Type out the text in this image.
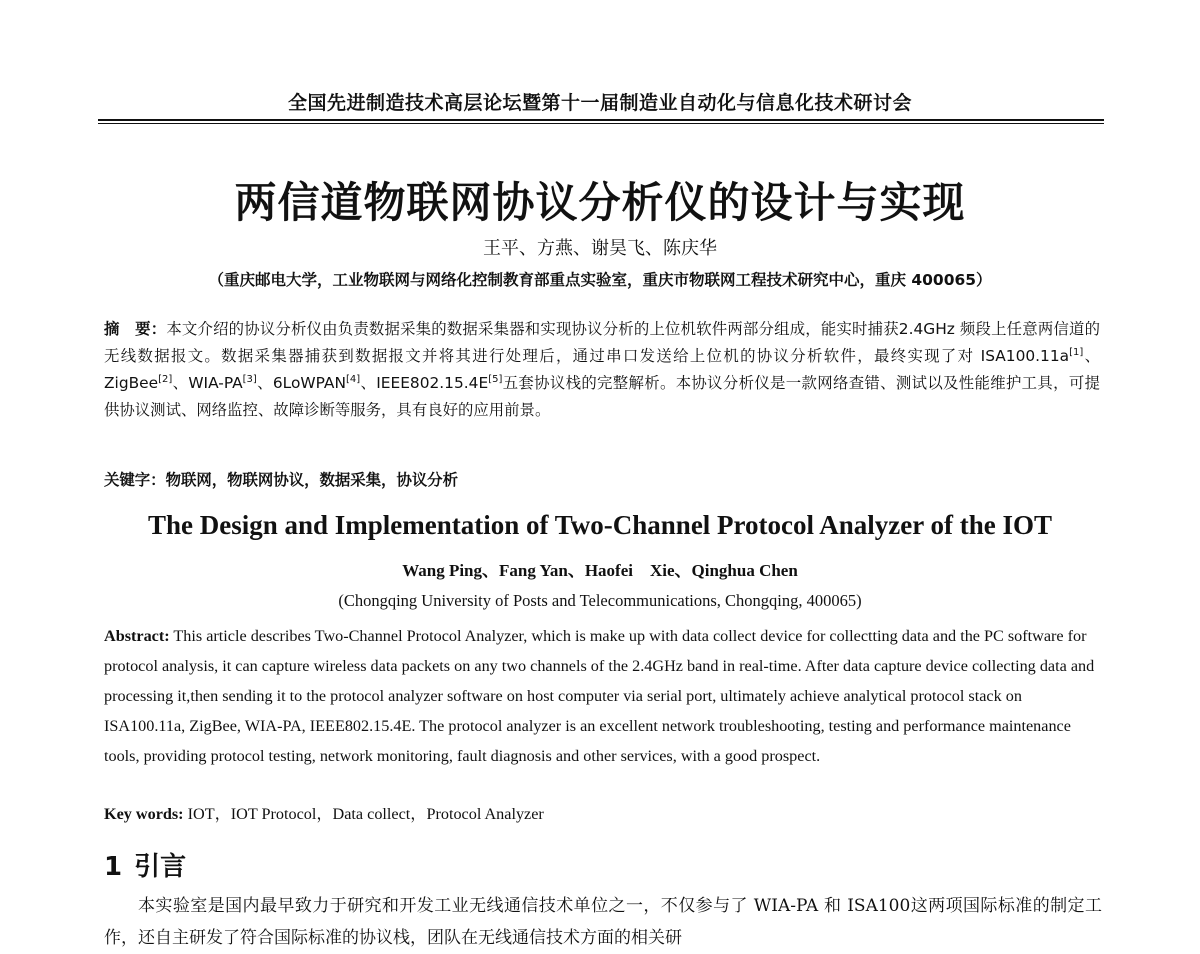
全国先进制造技术高层论坛暨第十一届制造业自动化与信息化技术研讨会
两信道物联网协议分析仪的设计与实现
王平、方燕、谢昊飞、陈庆华
（重庆邮电大学，工业物联网与网络化控制教育部重点实验室，重庆市物联网工程技术研究中心，重庆 400065）
摘　要：本文介绍的协议分析仪由负责数据采集的数据采集器和实现协议分析的上位机软件两部分组成，能实时捕获2.4GHz 频段上任意两信道的无线数据报文。数据采集器捕获到数据报文并将其进行处理后，通过串口发送给上位机的协议分析软件，最终实现了对 ISA100.11a[1]、ZigBee[2]、WIA-PA[3]、6LoWPAN[4]、IEEE802.15.4E[5]五套协议栈的完整解析。本协议分析仪是一款网络查错、测试以及性能维护工具，可提供协议测试、网络监控、故障诊断等服务，具有良好的应用前景。
关键字：物联网，物联网协议，数据采集，协议分析
The Design and Implementation of Two-Channel Protocol Analyzer of the IOT
Wang Ping、Fang Yan、Haofei　Xie、Qinghua Chen
(Chongqing University of Posts and Telecommunications, Chongqing, 400065)
Abstract: This article describes Two-Channel Protocol Analyzer, which is make up with data collect device for collectting data and the PC software for protocol analysis, it can capture wireless data packets on any two channels of the 2.4GHz band in real-time. After data capture device collecting data and processing it,then sending it to the protocol analyzer software on host computer via serial port, ultimately achieve analytical protocol stack on ISA100.11a, ZigBee, WIA-PA, IEEE802.15.4E. The protocol analyzer is an excellent network troubleshooting, testing and performance maintenance tools, providing protocol testing, network monitoring, fault diagnosis and other services, with a good prospect.
Key words: IOT，IOT Protocol，Data collect，Protocol Analyzer
1 引言
本实验室是国内最早致力于研究和开发工业无线通信技术单位之一，不仅参与了 WIA-PA 和 ISA100这两项国际标准的制定工作，还自主研发了符合国际标准的协议栈，团队在无线通信技术方面的相关研
